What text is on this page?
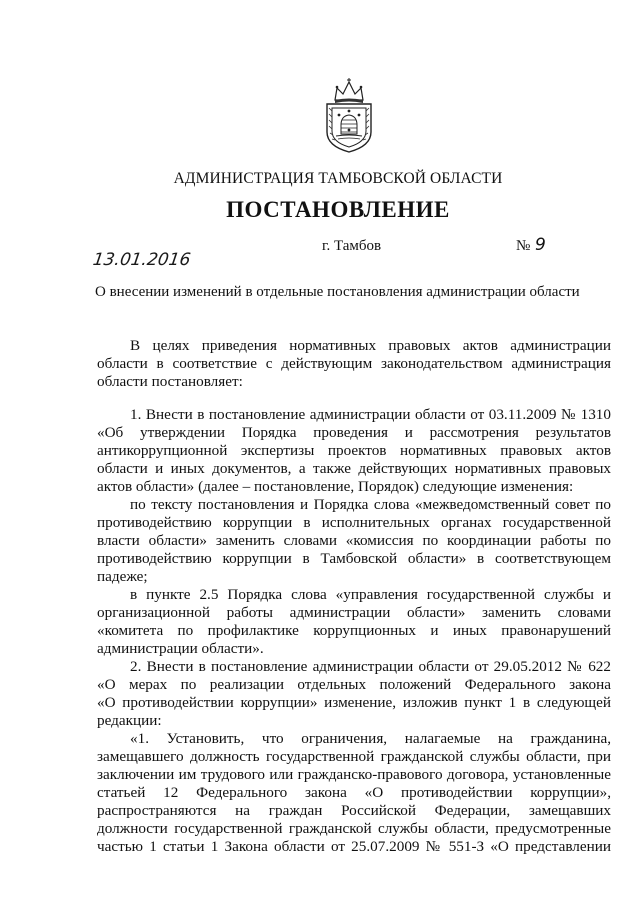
АДМИНИСТРАЦИЯ ТАМБОВСКОЙ ОБЛАСТИ
ПОСТАНОВЛЕНИЕ
13.01.2016
г. Тамбов	№ 9
О внесении изменений в отдельные постановления администрации области
В целях приведения нормативных правовых актов администрации
области в соответствие с действующим законодательством администрация
области постановляет:
1. Внести в постановление администрации области от 03.11.2009 № 1310
«Об утверждении Порядка проведения и рассмотрения результатов
антикоррупционной экспертизы проектов нормативных правовых актов
области и иных документов, а также действующих нормативных правовых
актов области» (далее – постановление, Порядок) следующие изменения:
по тексту постановления и Порядка слова «межведомственный совет по
противодействию коррупции в исполнительных органах государственной
власти области» заменить словами «комиссия по координации работы по
противодействию коррупции в Тамбовской области» в соответствующем
падеже;
в пункте 2.5 Порядка слова «управления государственной службы и
организационной работы администрации области» заменить словами
«комитета по профилактике коррупционных и иных правонарушений
администрации области».
2. Внести в постановление администрации области от 29.05.2012 № 622
«О мерах по реализации отдельных положений Федерального закона
«О противодействии коррупции» изменение, изложив пункт 1 в следующей
редакции:
«1. Установить, что ограничения, налагаемые на гражданина,
замещавшего должность государственной гражданской службы области, при
заключении им трудового или гражданско-правового договора, установленные
статьей 12 Федерального закона «О противодействии коррупции»,
распространяются на граждан Российской Федерации, замещавших
должности государственной гражданской службы области, предусмотренные
частью 1 статьи 1 Закона области от 25.07.2009 № 551-З «О представлении
